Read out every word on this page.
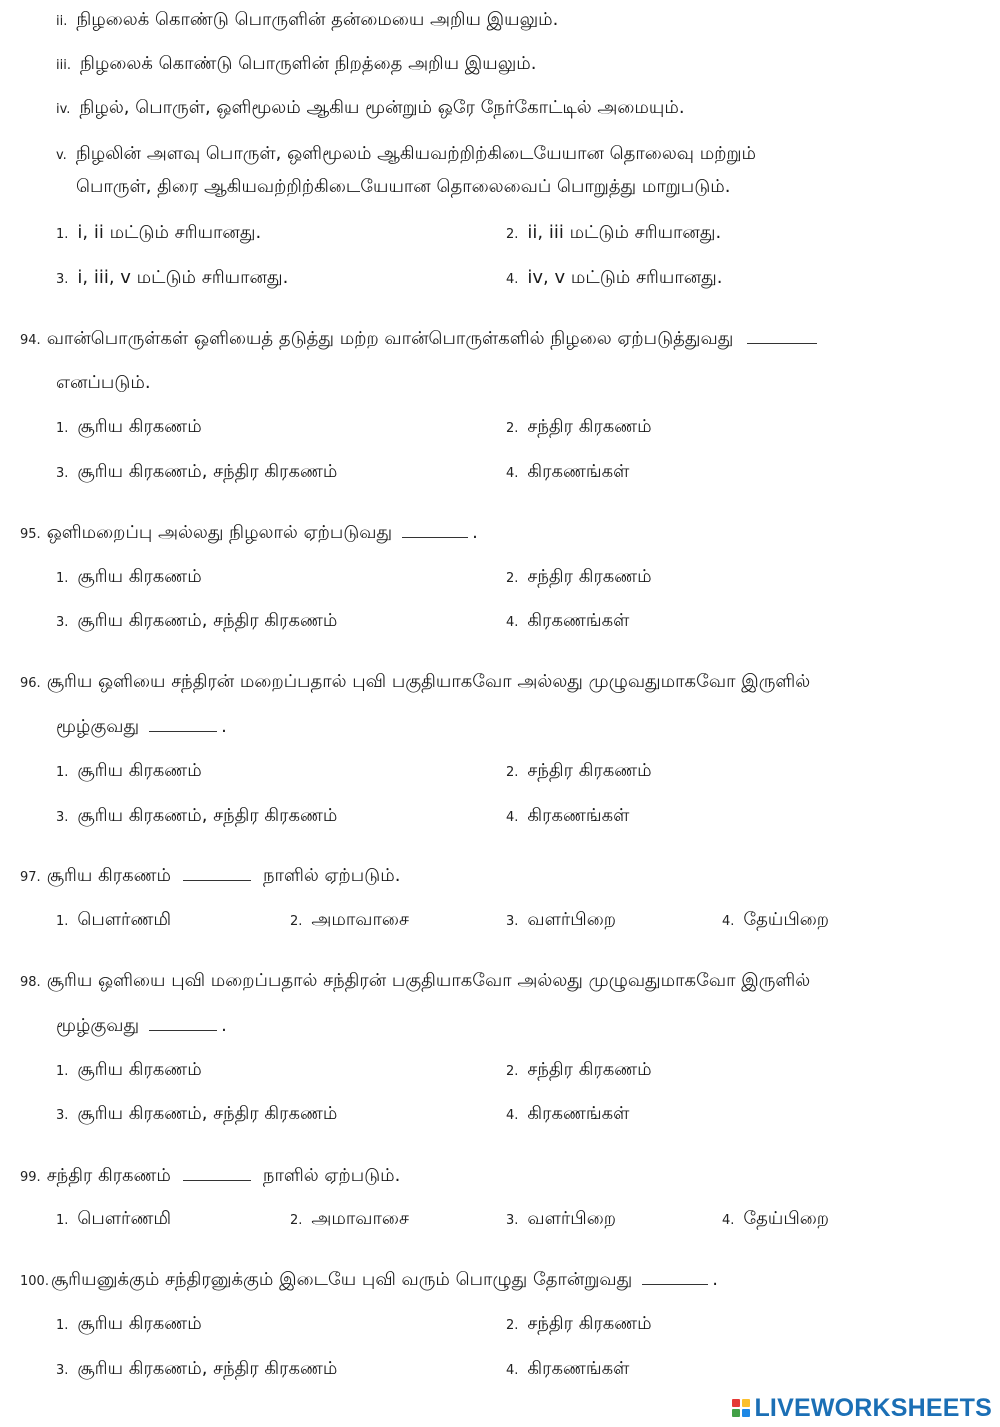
ii. நிழலைக் கொண்டு பொருளின் தன்மையை அறிய இயலும்.
iii. நிழலைக் கொண்டு பொருளின் நிறத்தை அறிய இயலும்.
iv. நிழல், பொருள், ஒளிமூலம் ஆகிய மூன்றும் ஒரே நேர்கோட்டில் அமையும்.
v. நிழலின் அளவு பொருள், ஒளிமூலம் ஆகியவற்றிற்கிடையேயான தொலைவு மற்றும்
பொருள், திரை ஆகியவற்றிற்கிடையேயான தொலைவைப் பொறுத்து மாறுபடும்.
1. i, ii மட்டும் சரியானது.	2. ii, iii மட்டும் சரியானது.
3. i, iii, v மட்டும் சரியானது.	4. iv, v மட்டும் சரியானது.
94. வான்பொருள்கள் ஒளியைத் தடுத்து மற்ற வான்பொருள்களில் நிழலை ஏற்படுத்துவது
எனப்படும்.
1. சூரிய கிரகணம்	2. சந்திர கிரகணம்
3. சூரிய கிரகணம், சந்திர கிரகணம்	4. கிரகணங்கள்
95. ஒளிமறைப்பு அல்லது நிழலால் ஏற்படுவது	.
1. சூரிய கிரகணம்	2. சந்திர கிரகணம்
3. சூரிய கிரகணம், சந்திர கிரகணம்	4. கிரகணங்கள்
96. சூரிய ஒளியை சந்திரன் மறைப்பதால் புவி பகுதியாகவோ அல்லது முழுவதுமாகவோ இருளில்
மூழ்குவது	.
1. சூரிய கிரகணம்	2. சந்திர கிரகணம்
3. சூரிய கிரகணம், சந்திர கிரகணம்	4. கிரகணங்கள்
97. சூரிய கிரகணம்	நாளில் ஏற்படும்.
1. பௌர்ணமி	2. அமாவாசை	3. வளர்பிறை	4. தேய்பிறை
98. சூரிய ஒளியை புவி மறைப்பதால் சந்திரன் பகுதியாகவோ அல்லது முழுவதுமாகவோ இருளில்
மூழ்குவது	.
1. சூரிய கிரகணம்	2. சந்திர கிரகணம்
3. சூரிய கிரகணம், சந்திர கிரகணம்	4. கிரகணங்கள்
99. சந்திர கிரகணம்	நாளில் ஏற்படும்.
1. பௌர்ணமி	2. அமாவாசை	3. வளர்பிறை	4. தேய்பிறை
100. சூரியனுக்கும் சந்திரனுக்கும் இடையே புவி வரும் பொழுது தோன்றுவது	.
1. சூரிய கிரகணம்	2. சந்திர கிரகணம்
3. சூரிய கிரகணம், சந்திர கிரகணம்	4. கிரகணங்கள்
LIVEWORKSHEETS
